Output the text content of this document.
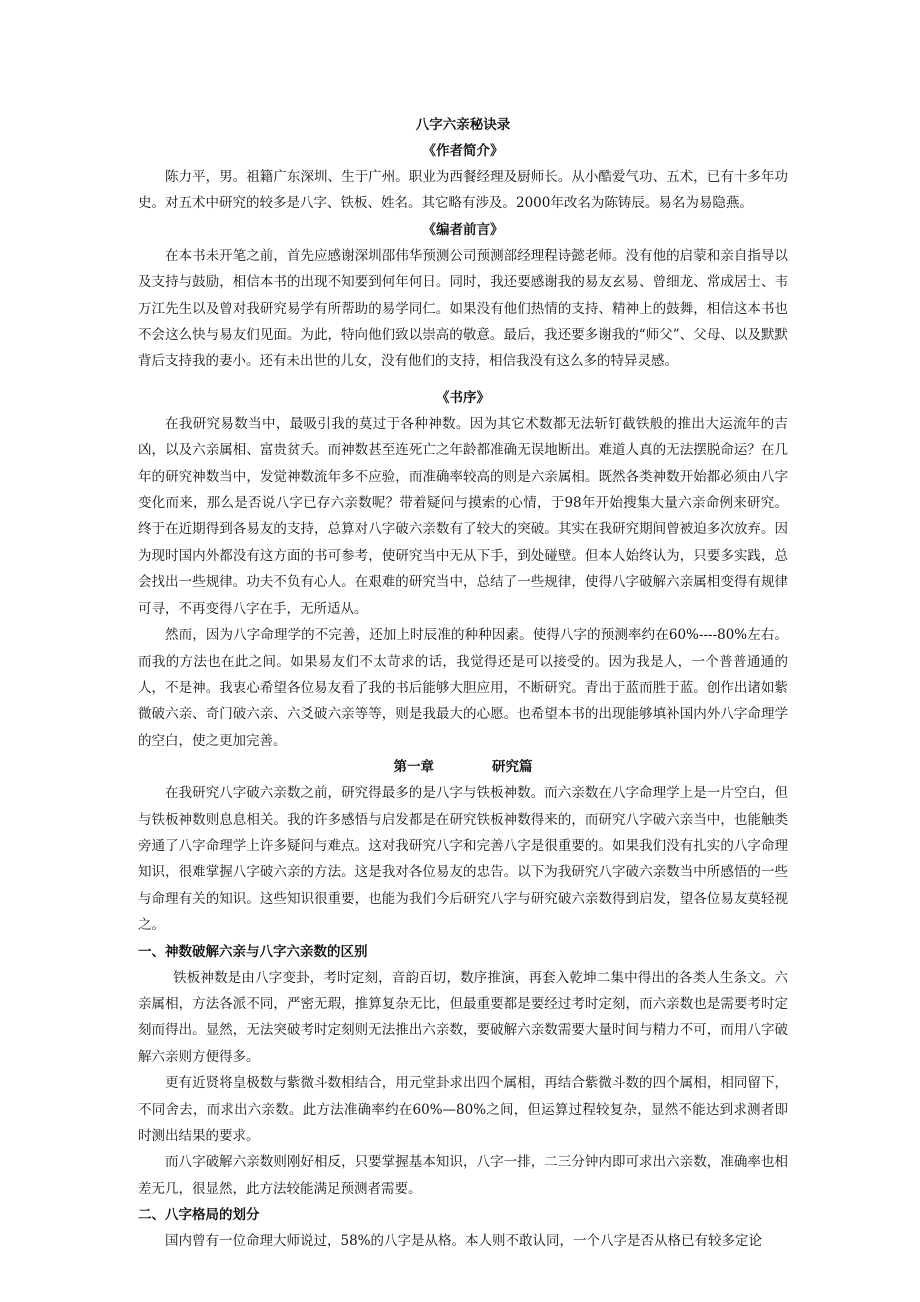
八字六亲秘诀录

《作者简介》

陈力平，男。祖籍广东深圳、生于广州。职业为西餐经理及厨师长。从小酷爱气功、五术，已有十多年功史。对五术中研究的较多是八字、铁板、姓名。其它略有涉及。2000年改名为陈铸辰。易名为易隐燕。

《编者前言》

在本书未开笔之前，首先应感谢深圳邵伟华预测公司预测部经理程诗懿老师。没有他的启蒙和亲自指导以及支持与鼓励，相信本书的出现不知要到何年何日。同时，我还要感谢我的易友玄易、曾细龙、常成居士、韦万江先生以及曾对我研究易学有所帮助的易学同仁。如果没有他们热情的支持、精神上的鼓舞，相信这本书也不会这么快与易友们见面。为此，特向他们致以崇高的敬意。最后，我还要多谢我的“师父”、父母、以及默默背后支持我的妻小。还有未出世的儿女，没有他们的支持，相信我没有这么多的特异灵感。

《书序》

在我研究易数当中，最吸引我的莫过于各种神数。因为其它术数都无法斩钉截铁般的推出大运流年的吉凶，以及六亲属相、富贵贫夭。而神数甚至连死亡之年龄都准确无误地断出。难道人真的无法摆脱命运？在几年的研究神数当中，发觉神数流年多不应验，而准确率较高的则是六亲属相。既然各类神数开始都必须由八字变化而来，那么是否说八字已存六亲数呢？带着疑问与摸索的心情，于98年开始搜集大量六亲命例来研究。终于在近期得到各易友的支持，总算对八字破六亲数有了较大的突破。其实在我研究期间曾被迫多次放弃。因为现时国内外都没有这方面的书可参考，使研究当中无从下手，到处碰壁。但本人始终认为，只要多实践，总会找出一些规律。功夫不负有心人。在艰难的研究当中，总结了一些规律，使得八字破解六亲属相变得有规律可寻，不再变得八字在手，无所适从。

然而，因为八字命理学的不完善，还加上时辰准的种种因素。使得八字的预测率约在60%----80%左右。而我的方法也在此之间。如果易友们不太苛求的话，我觉得还是可以接受的。因为我是人，一个普普通通的人，不是神。我衷心希望各位易友看了我的书后能够大胆应用，不断研究。青出于蓝而胜于蓝。创作出诸如紫微破六亲、奇门破六亲、六爻破六亲等等，则是我最大的心愿。也希望本书的出现能够填补国内外八字命理学的空白，使之更加完善。

第一章	研究篇

在我研究八字破六亲数之前，研究得最多的是八字与铁板神数。而六亲数在八字命理学上是一片空白，但与铁板神数则息息相关。我的许多感悟与启发都是在研究铁板神数得来的，而研究八字破六亲当中，也能触类旁通了八字命理学上许多疑问与难点。这对我研究八字和完善八字是很重要的。如果我们没有扎实的八字命理知识，很难掌握八字破六亲的方法。这是我对各位易友的忠告。以下为我研究八字破六亲数当中所感悟的一些与命理有关的知识。这些知识很重要，也能为我们今后研究八字与研究破六亲数得到启发，望各位易友莫轻视之。

一、神数破解六亲与八字六亲数的区别

铁板神数是由八字变卦，考时定刻，音韵百切，数序推演，再套入乾坤二集中得出的各类人生条文。六亲属相，方法各派不同，严密无瑕，推算复杂无比，但最重要都是要经过考时定刻，而六亲数也是需要考时定刻而得出。显然，无法突破考时定刻则无法推出六亲数，要破解六亲数需要大量时间与精力不可，而用八字破解六亲则方便得多。

更有近贤将皇极数与紫微斗数相结合，用元堂卦求出四个属相，再结合紫微斗数的四个属相，相同留下，不同舍去，而求出六亲数。此方法准确率约在60%—80%之间，但运算过程较复杂，显然不能达到求测者即时测出结果的要求。

而八字破解六亲数则刚好相反，只要掌握基本知识，八字一排，二三分钟内即可求出六亲数，准确率也相差无几，很显然，此方法较能满足预测者需要。

二、八字格局的划分

国内曾有一位命理大师说过，58%的八字是从格。本人则不敢认同，一个八字是否从格已有较多定论
